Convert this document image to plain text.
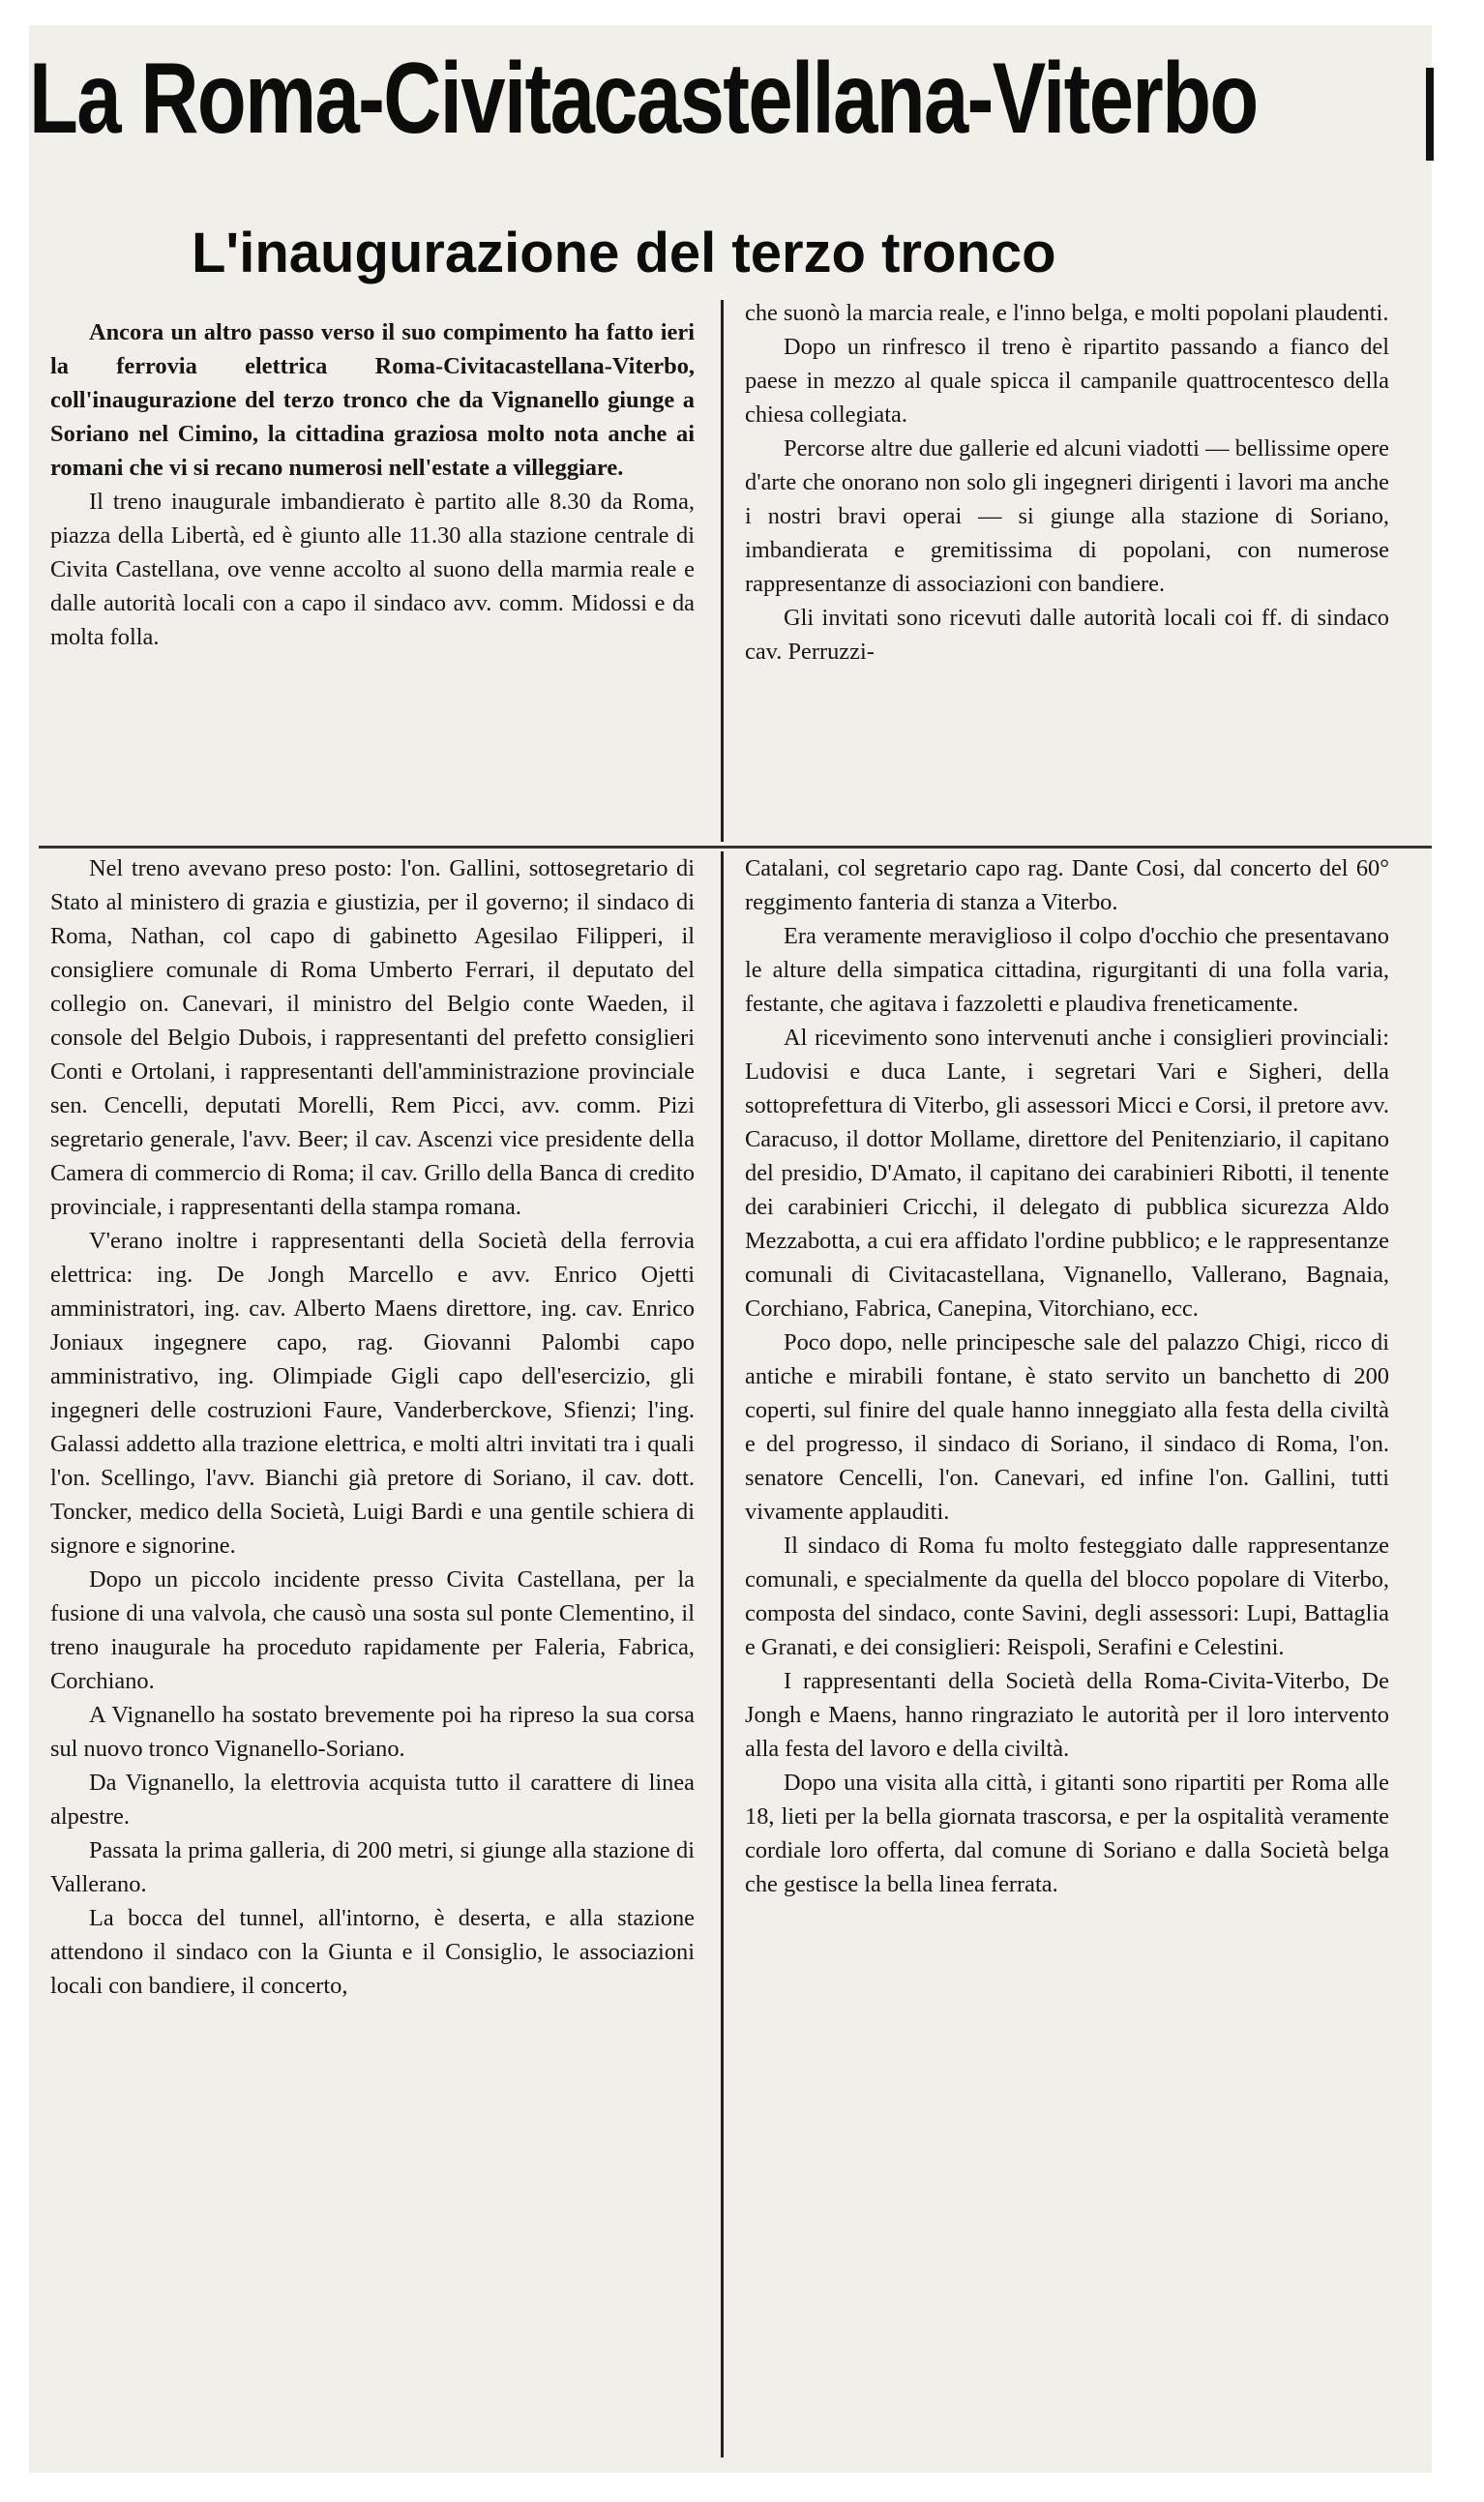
La Roma-Civitacastellana-Viterbo
L'inaugurazione del terzo tronco

Ancora un altro passo verso il suo compimento ha fatto ieri la ferrovia elettrica Roma-Civitacastellana-Viterbo, coll'inaugurazione del terzo tronco che da Vignanello giunge a Soriano nel Cimino, la cittadina graziosa molto nota anche ai romani che vi si recano numerosi nell'estate a villeggiare.

Il treno inaugurale imbandierato è partito alle 8.30 da Roma, piazza della Libertà, ed è giunto alle 11.30 alla stazione centrale di Civita Castellana, ove venne accolto al suono della marmia reale e dalle autorità locali con a capo il sindaco avv. comm. Midossi e da molta folla.

che suonò la marcia reale, e l'inno belga, e molti popolani plaudenti.

Dopo un rinfresco il treno è ripartito passando a fianco del paese in mezzo al quale spicca il campanile quattrocentesco della chiesa collegiata.

Percorse altre due gallerie ed alcuni viadotti — bellissime opere d'arte che onorano non solo gli ingegneri dirigenti i lavori ma anche i nostri bravi operai — si giunge alla stazione di Soriano, imbandierata e gremitissima di popolani, con numerose rappresentanze di associazioni con bandiere.

Gli invitati sono ricevuti dalle autorità locali coi ff. di sindaco cav. Perruzzi-

Nel treno avevano preso posto: l'on. Gallini, sottosegretario di Stato al ministero di grazia e giustizia, per il governo; il sindaco di Roma, Nathan, col capo di gabinetto Agesilao Filipperi, il consigliere comunale di Roma Umberto Ferrari, il deputato del collegio on. Canevari, il ministro del Belgio conte Waeden, il console del Belgio Dubois, i rappresentanti del prefetto consiglieri Conti e Ortolani, i rappresentanti dell'amministrazione provinciale sen. Cencelli, deputati Morelli, Rem Picci, avv. comm. Pizi segretario generale, l'avv. Beer; il cav. Ascenzi vice presidente della Camera di commercio di Roma; il cav. Grillo della Banca di credito provinciale, i rappresentanti della stampa romana.

V'erano inoltre i rappresentanti della Società della ferrovia elettrica: ing. De Jongh Marcello e avv. Enrico Ojetti amministratori, ing. cav. Alberto Maens direttore, ing. cav. Enrico Joniaux ingegnere capo, rag. Giovanni Palombi capo amministrativo, ing. Olimpiade Gigli capo dell'esercizio, gli ingegneri delle costruzioni Faure, Vanderberckove, Sfienzi; l'ing. Galassi addetto alla trazione elettrica, e molti altri invitati tra i quali l'on. Scellingo, l'avv. Bianchi già pretore di Soriano, il cav. dott. Toncker, medico della Società, Luigi Bardi e una gentile schiera di signore e signorine.

Dopo un piccolo incidente presso Civita Castellana, per la fusione di una valvola, che causò una sosta sul ponte Clementino, il treno inaugurale ha proceduto rapidamente per Faleria, Fabrica, Corchiano.

A Vignanello ha sostato brevemente poi ha ripreso la sua corsa sul nuovo tronco Vignanello-Soriano.

Da Vignanello, la elettrovia acquista tutto il carattere di linea alpestre.

Passata la prima galleria, di 200 metri, si giunge alla stazione di Vallerano.

La bocca del tunnel, all'intorno, è deserta, e alla stazione attendono il sindaco con la Giunta e il Consiglio, le associazioni locali con bandiere, il concerto,

Catalani, col segretario capo rag. Dante Cosi, dal concerto del 60° reggimento fanteria di stanza a Viterbo.

Era veramente meraviglioso il colpo d'occhio che presentavano le alture della simpatica cittadina, rigurgitanti di una folla varia, festante, che agitava i fazzoletti e plaudiva freneticamente.

Al ricevimento sono intervenuti anche i consiglieri provinciali: Ludovisi e duca Lante, i segretari Vari e Sigheri, della sottoprefettura di Viterbo, gli assessori Micci e Corsi, il pretore avv. Caracuso, il dottor Mollame, direttore del Penitenziario, il capitano del presidio, D'Amato, il capitano dei carabinieri Ribotti, il tenente dei carabinieri Cricchi, il delegato di pubblica sicurezza Aldo Mezzabotta, a cui era affidato l'ordine pubblico; e le rappresentanze comunali di Civitacastellana, Vignanello, Vallerano, Bagnaia, Corchiano, Fabrica, Canepina, Vitorchiano, ecc.

Poco dopo, nelle principesche sale del palazzo Chigi, ricco di antiche e mirabili fontane, è stato servito un banchetto di 200 coperti, sul finire del quale hanno inneggiato alla festa della civiltà e del progresso, il sindaco di Soriano, il sindaco di Roma, l'on. senatore Cencelli, l'on. Canevari, ed infine l'on. Gallini, tutti vivamente applauditi.

Il sindaco di Roma fu molto festeggiato dalle rappresentanze comunali, e specialmente da quella del blocco popolare di Viterbo, composta del sindaco, conte Savini, degli assessori: Lupi, Battaglia e Granati, e dei consiglieri: Reispoli, Serafini e Celestini.

I rappresentanti della Società della Roma-Civita-Viterbo, De Jongh e Maens, hanno ringraziato le autorità per il loro intervento alla festa del lavoro e della civiltà.

Dopo una visita alla città, i gitanti sono ripartiti per Roma alle 18, lieti per la bella giornata trascorsa, e per la ospitalità veramente cordiale loro offerta, dal comune di Soriano e dalla Società belga che gestisce la bella linea ferrata.
